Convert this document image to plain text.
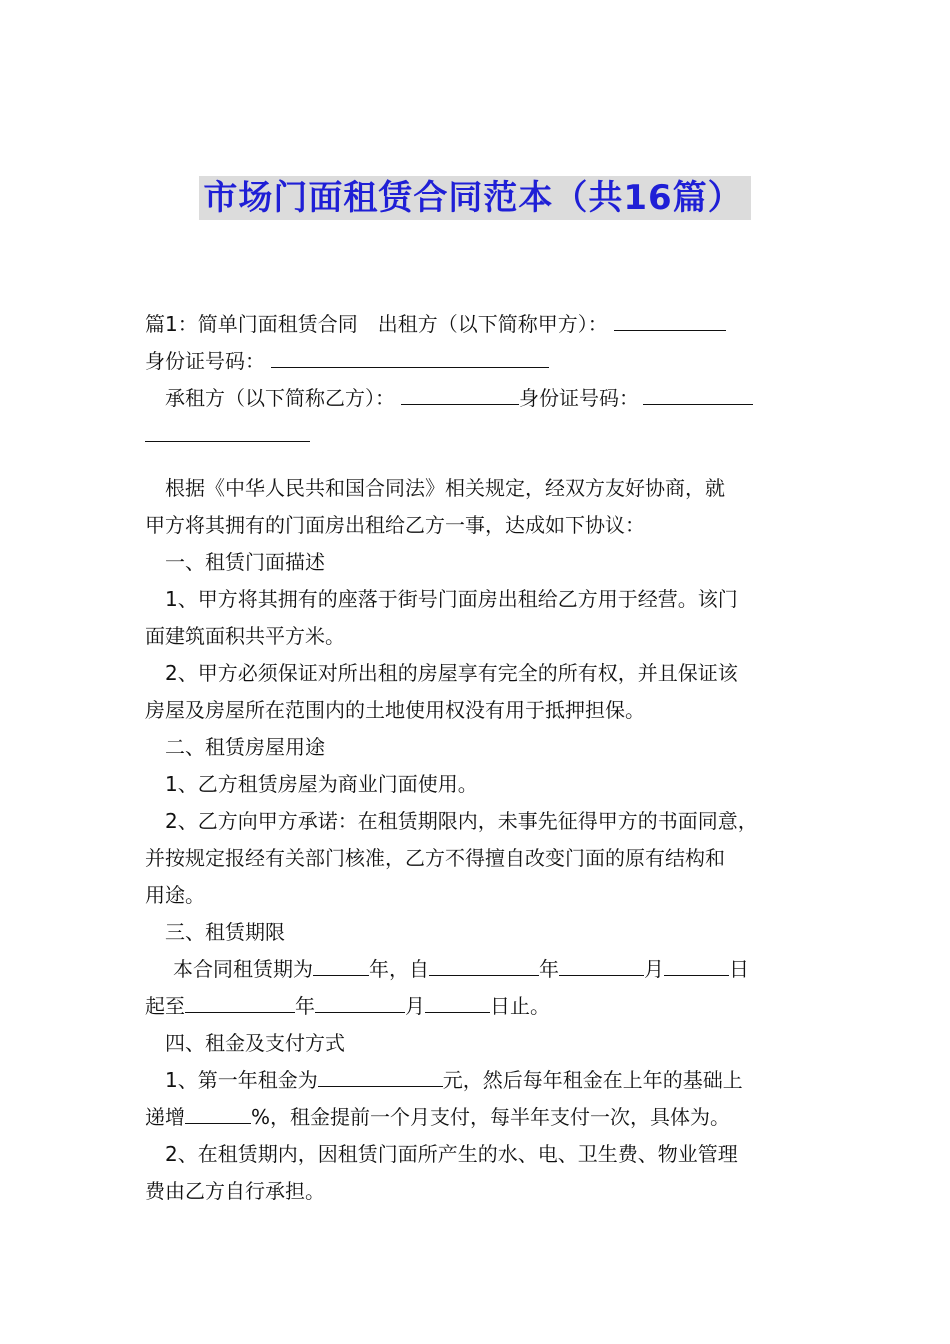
市场门面租赁合同范本（共16篇）
篇1：简单门面租赁合同 出租方（以下简称甲方）：
身份证号码：
承租方（以下简称乙方）：	身份证号码：
根据《中华人民共和国合同法》相关规定，经双方友好协商，就
甲方将其拥有的门面房出租给乙方一事，达成如下协议：
一、租赁门面描述
1、甲方将其拥有的座落于街号门面房出租给乙方用于经营。该门
面建筑面积共平方米。
2、甲方必须保证对所出租的房屋享有完全的所有权，并且保证该
房屋及房屋所在范围内的土地使用权没有用于抵押担保。
二、租赁房屋用途
1、乙方租赁房屋为商业门面使用。
2、乙方向甲方承诺：在租赁期限内，未事先征得甲方的书面同意，
并按规定报经有关部门核准，乙方不得擅自改变门面的原有结构和
用途。
三、租赁期限
本合同租赁期为	年，自	年	月	日
起至	年	月	日止。
四、租金及支付方式
1、第一年租金为	元，然后每年租金在上年的基础上
递增	%，租金提前一个月支付，每半年支付一次，具体为。
2、在租赁期内，因租赁门面所产生的水、电、卫生费、物业管理
费由乙方自行承担。
